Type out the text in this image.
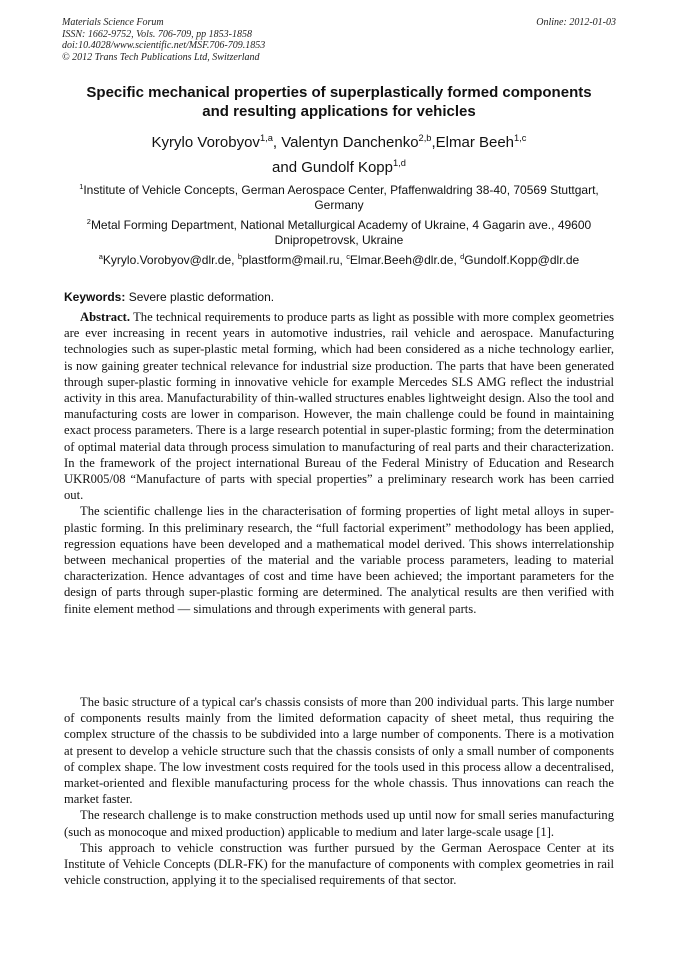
Materials Science Forum
ISSN: 1662-9752, Vols. 706-709, pp 1853-1858
doi:10.4028/www.scientific.net/MSF.706-709.1853
© 2012 Trans Tech Publications Ltd, Switzerland
Online: 2012-01-03
Specific mechanical properties of superplastically formed components
and resulting applications for vehicles
Kyrylo Vorobyov$^{1,a}$, Valentyn Danchenko$^{2,b}$,Elmar Beeh$^{1,c}$
and Gundolf Kopp$^{1,d}$
$^1$Institute of Vehicle Concepts, German Aerospace Center, Pfaffenwaldring 38-40, 70569 Stuttgart, Germany
$^2$Metal Forming Department, National Metallurgical Academy of Ukraine, 4 Gagarin ave., 49600 Dnipropetrovsk, Ukraine
$^a$Kyrylo.Vorobyov@dlr.de, $^b$plastform@mail.ru, $^c$Elmar.Beeh@dlr.de, $^d$Gundolf.Kopp@dlr.de
Keywords: Severe plastic deformation.

Abstract. The technical requirements to produce parts as light as possible with more complex geometries are ever increasing in recent years in automotive industries, rail vehicle and aerospace. Manufacturing technologies such as super-plastic metal forming, which had been considered as a niche technology earlier, is now gaining greater technical relevance for industrial size production. The parts that have been generated through super-plastic forming in innovative vehicle for example Mercedes SLS AMG reflect the industrial activity in this area. Manufacturability of thin-walled structures enables lightweight design. Also the tool and manufacturing costs are lower in comparison. However, the main challenge could be found in maintaining exact process parameters. There is a large research potential in super-plastic forming; from the determination of optimal material data through process simulation to manufacturing of real parts and their characterization. In the framework of the project international Bureau of the Federal Ministry of Education and Research UKR005/08 “Manufacture of parts with special properties” a preliminary research work has been carried out.

The scientific challenge lies in the characterisation of forming properties of light metal alloys in super-plastic forming. In this preliminary research, the “full factorial experiment” methodology has been applied, regression equations have been developed and a mathematical model derived. This shows interrelationship between mechanical properties of the material and the variable process parameters, leading to material characterization. Hence advantages of cost and time have been achieved; the important parameters for the design of parts through super-plastic forming are determined. The analytical results are then verified with finite element method — simulations and through experiments with general parts.

The basic structure of a typical car's chassis consists of more than 200 individual parts. This large number of components results mainly from the limited deformation capacity of sheet metal, thus requiring the complex structure of the chassis to be subdivided into a large number of components. There is a motivation at present to develop a vehicle structure such that the chassis consists of only a small number of components of complex shape. The low investment costs required for the tools used in this process allow a decentralised, market-oriented and flexible manufacturing process for the whole chassis. Thus innovations can reach the market faster.

The research challenge is to make construction methods used up until now for small series manufacturing (such as monocoque and mixed production) applicable to medium and later large-scale usage [1].

This approach to vehicle construction was further pursued by the German Aerospace Center at its Institute of Vehicle Concepts (DLR-FK) for the manufacture of components with complex geometries in rail vehicle construction, applying it to the specialised requirements of that sector.
